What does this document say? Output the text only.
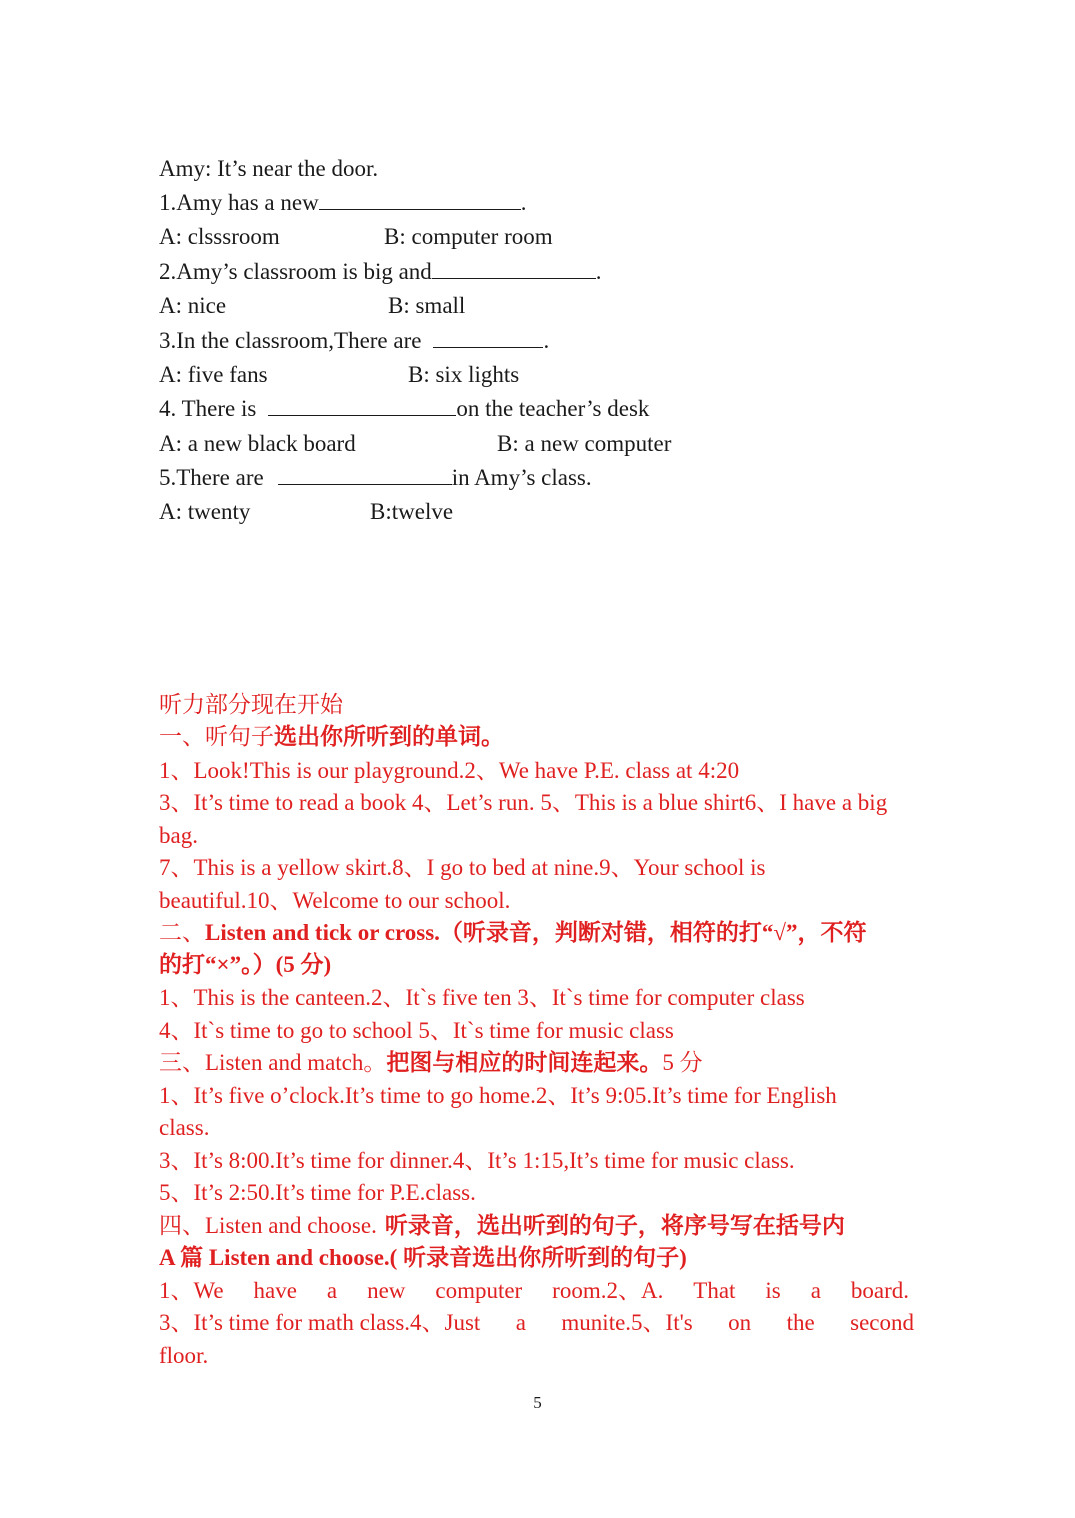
Amy: It’s near the door.
1.Amy has a new	.
A: clsssroom	B: computer room
2.Amy’s classroom is big and	.
A: nice	B: small
3.In the classroom,There are	.
A: five fans	B: six lights
4. There is	on the teacher’s desk
A: a new black board	B: a new computer
5.There are	in Amy’s class.
A: twenty	B:twelve
听力部分现在开始
一、听句子选出你所听到的单词。
1、Look!This is our playground.2、We have P.E. class at 4:20
3、It’s time to read a book 4、Let’s run. 5、This is a blue shirt6、I have a big
bag.
7、This is a yellow skirt.8、I go to bed at nine.9、Your school is
beautiful.10、Welcome to our school.
二、Listen and tick or cross.（听录音，判断对错，相符的打“√”，不符
的打“×”。）(5 分)
1、This is the canteen.2、It`s five ten 3、It`s time for computer class
4、It`s time to go to school 5、It`s time for music class
三、Listen and match。把图与相应的时间连起来。5 分
1、It’s five o’clock.It’s time to go home.2、It’s 9:05.It’s time for English
class.
3、It’s 8:00.It’s time for dinner.4、It’s 1:15,It’s time for music class.
5、It’s 2:50.It’s time for P.E.class.
四、Listen and choose. 听录音，选出听到的句子，将序号写在括号内
A 篇 Listen and choose.( 听录音选出你所听到的句子)
1、We have a new computer room.2、A. That is a board.
3、It’s time for math class.4、Just a munite.5、It's on the second
floor.
5
